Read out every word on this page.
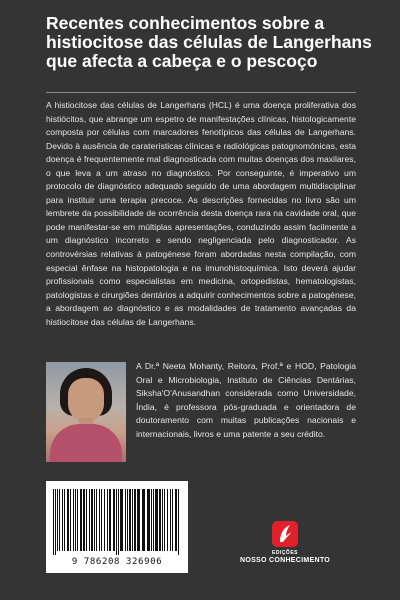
Recentes conhecimentos sobre a histiocitose das células de Langerhans que afecta a cabeça e o pescoço

A histiocitose das células de Langerhans (HCL) é uma doença proliferativa dos histiócitos, que abrange um espetro de manifestações clínicas, histologicamente composta por células com marcadores fenotípicos das células de Langerhans. Devido à ausência de caraterísticas clínicas e radiológicas patognomónicas, esta doença é frequentemente mal diagnosticada com muitas doenças dos maxilares, o que leva a um atraso no diagnóstico. Por conseguinte, é imperativo um protocolo de diagnóstico adequado seguido de uma abordagem multidisciplinar para instituir uma terapia precoce. As descrições fornecidas no livro são um lembrete da possibilidade de ocorrência desta doença rara na cavidade oral, que pode manifestar-se em múltiplas apresentações, conduzindo assim facilmente a um diagnóstico incorreto e sendo negligenciada pelo diagnosticador. As controvérsias relativas à patogénese foram abordadas nesta compilação, com especial ênfase na histopatologia e na imunohistoquímica. Isto deverá ajudar profissionais como especialistas em medicina, ortopedistas, hematologistas, patologistas e cirurgiões dentários a adquirir conhecimentos sobre a patogénese, a abordagem ao diagnóstico e as modalidades de tratamento avançadas da histiocitose das células de Langerhans.

A Dr.ª Neeta Mohanty, Reitora, Prof.ª e HOD, Patologia Oral e Microbiologia, Instituto de Ciências Dentárias, Siksha'O'Anusandhan considerada como Universidade, Índia, é professora pós-graduada e orientadora de doutoramento com muitas publicações nacionais e internacionais, livros e uma patente a seu crédito.

9 786208 326906
EDIÇÕES
NOSSO CONHECIMENTO
